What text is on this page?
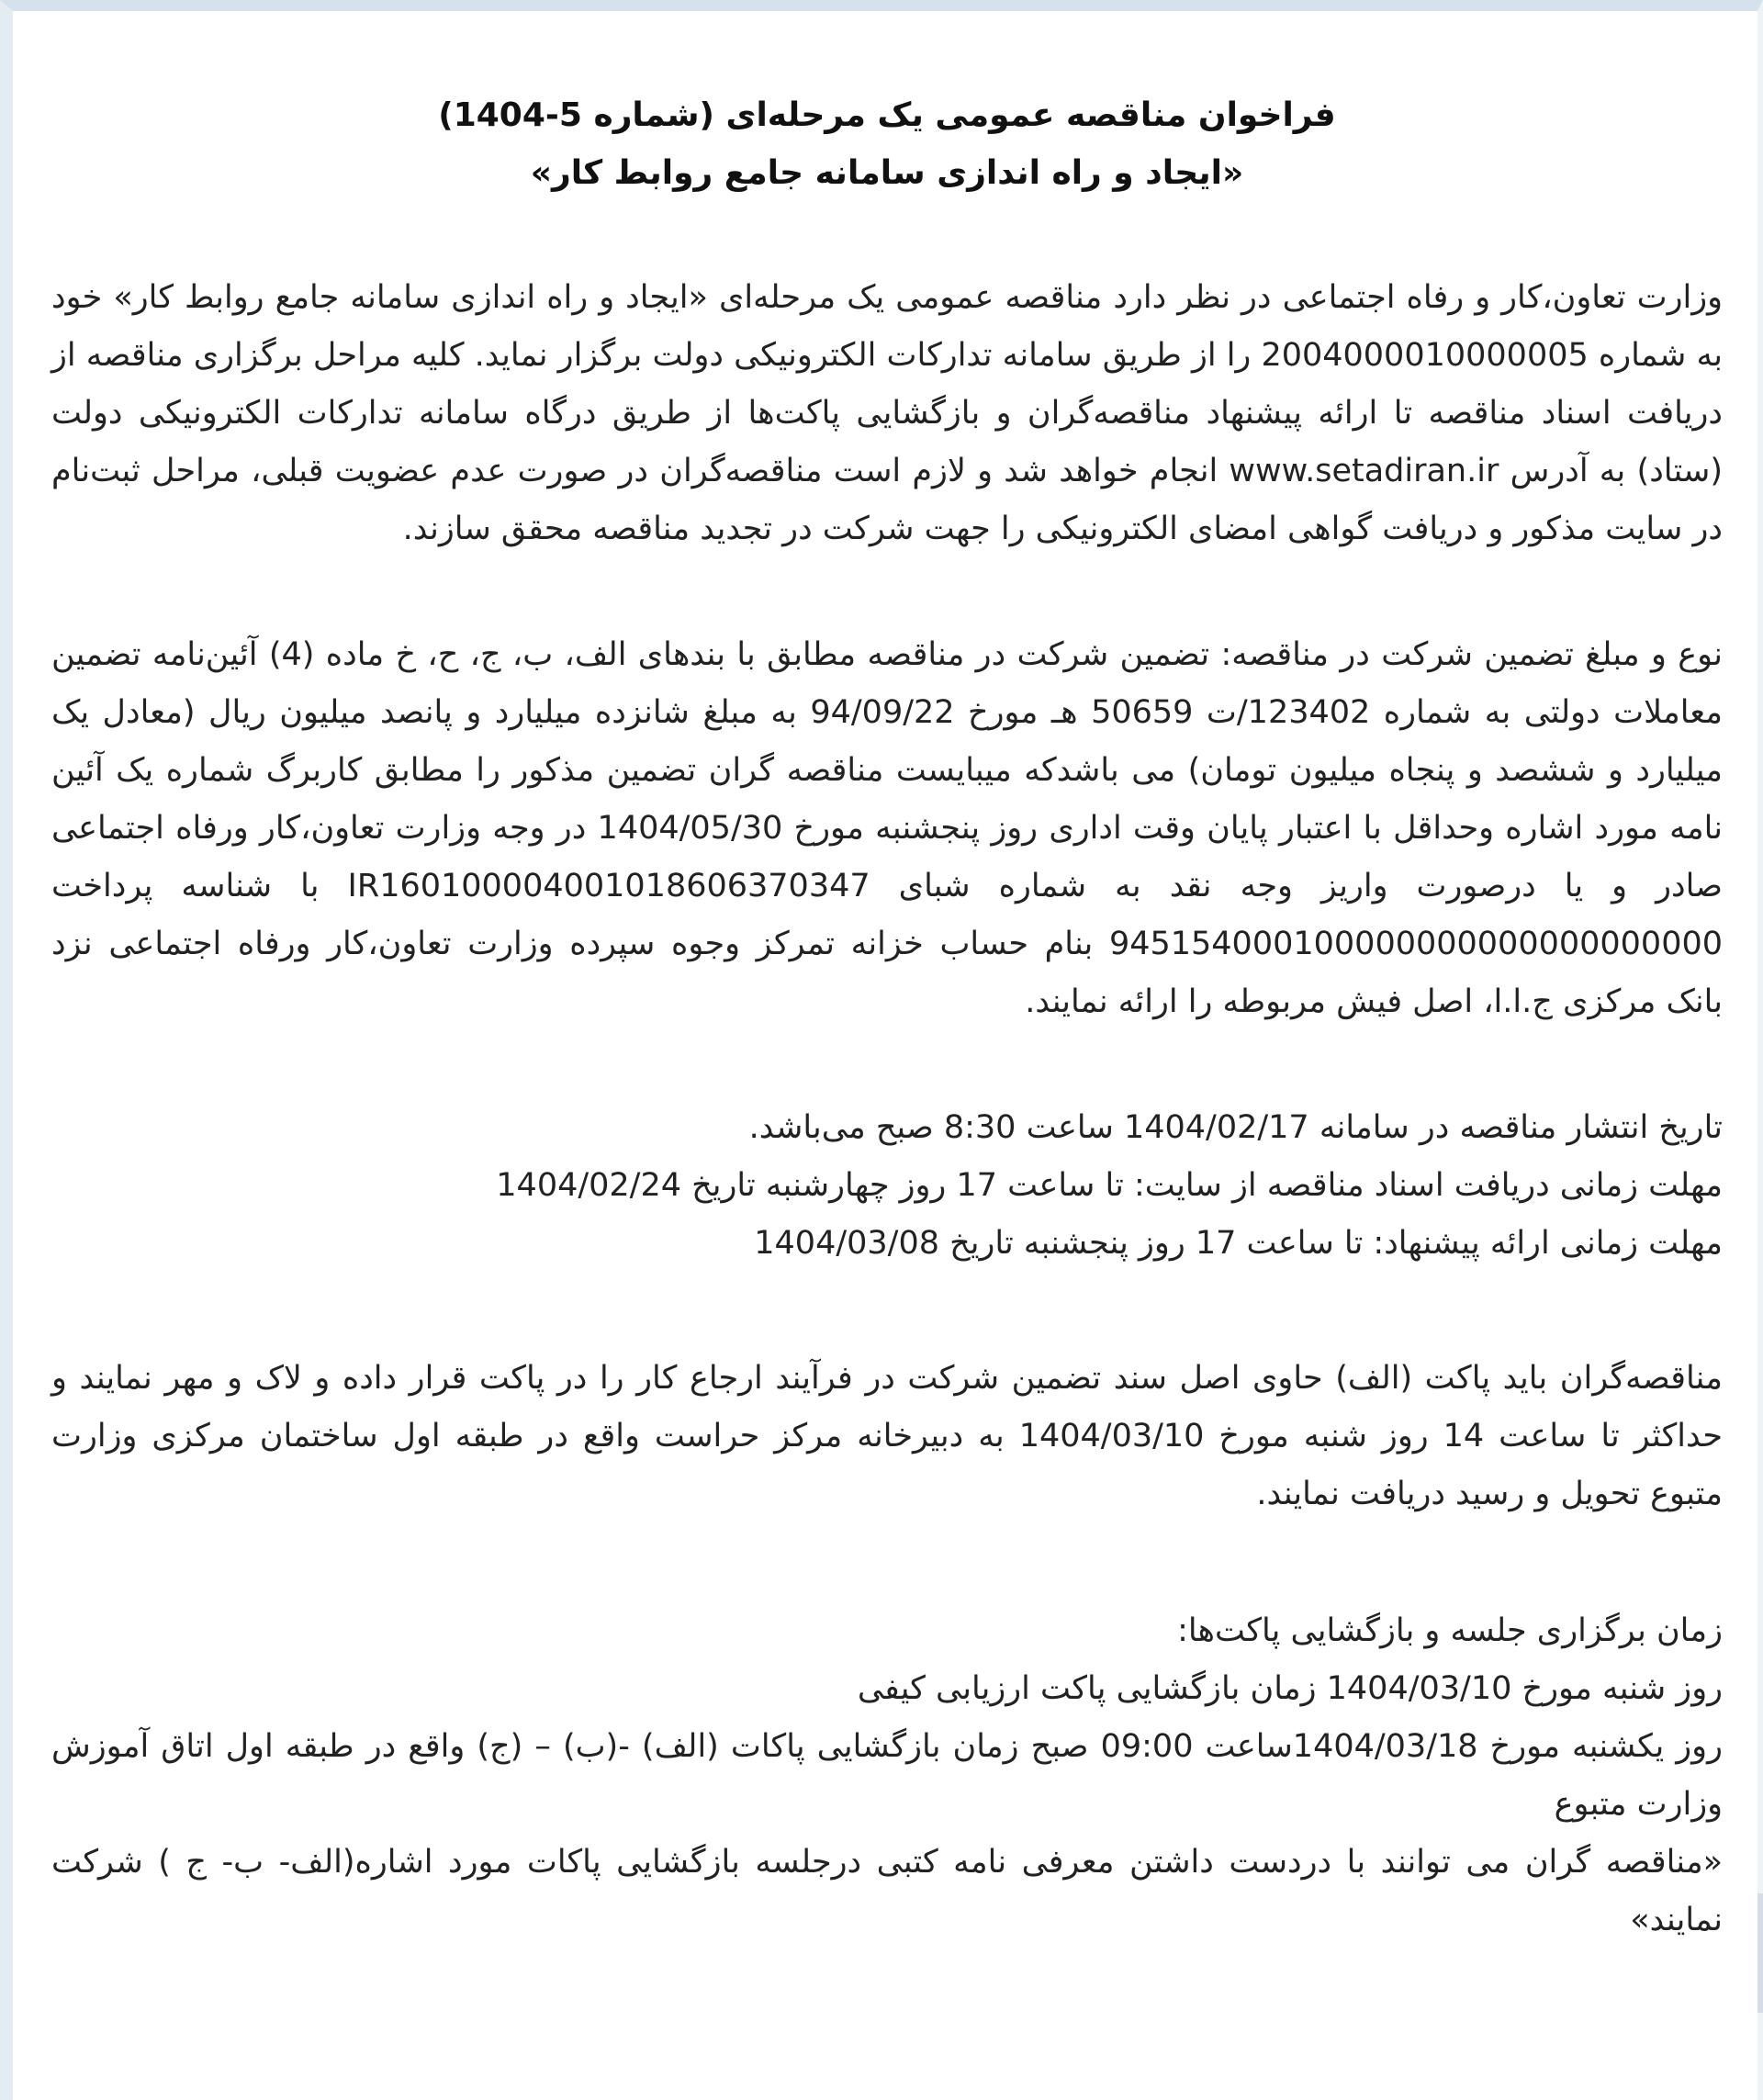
فراخوان مناقصه عمومی یک مرحله‌ای (شماره 5-1404)
«ایجاد و راه اندازی سامانه جامع روابط کار»

وزارت تعاون،کار و رفاه اجتماعی در نظر دارد مناقصه عمومی یک مرحله‌ای «ایجاد و راه اندازی سامانه جامع روابط کار» خود به شماره 2004000010000005 را از طریق سامانه تدارکات الکترونیکی دولت برگزار نماید. کلیه مراحل برگزاری مناقصه از دریافت اسناد مناقصه تا ارائه پیشنهاد مناقصه‌گران و بازگشایی پاکت‌ها از طریق درگاه سامانه تدارکات الکترونیکی دولت (ستاد) به آدرس www.setadiran.ir انجام خواهد شد و لازم است مناقصه‌گران در صورت عدم عضویت قبلی، مراحل ثبت‌نام در سایت مذکور و دریافت گواهی امضای الکترونیکی را جهت شرکت در تجدید مناقصه محقق سازند.

نوع و مبلغ تضمین شرکت در مناقصه: تضمین شرکت در مناقصه مطابق با بندهای الف، ب، ج، ح، خ ماده (4) آئین‌نامه تضمین معاملات دولتی به شماره 123402/ت 50659 هـ مورخ 94/09/22 به مبلغ شانزده میلیارد و پانصد میلیون ریال (معادل یک میلیارد و ششصد و پنجاه میلیون تومان) می باشدکه میبایست مناقصه گران تضمین مذکور را مطابق کاربرگ شماره یک آئین نامه مورد اشاره وحداقل با اعتبار پایان وقت اداری روز پنجشنبه مورخ 1404/05/30 در وجه وزارت تعاون،کار ورفاه اجتماعی صادر و یا درصورت واریز وجه نقد به شماره شبای IR160100004001018606370347 با شناسه پرداخت 945154000100000000000000000000 بنام حساب خزانه تمرکز وجوه سپرده وزارت تعاون،کار ورفاه اجتماعی نزد بانک مرکزی ج.ا.ا، اصل فیش مربوطه را ارائه نمایند.

تاریخ انتشار مناقصه در سامانه 1404/02/17 ساعت 8:30 صبح می‌باشد.
مهلت زمانی دریافت اسناد مناقصه از سایت: تا ساعت 17 روز چهارشنبه تاریخ 1404/02/24
مهلت زمانی ارائه پیشنهاد: تا ساعت 17 روز پنجشنبه تاریخ 1404/03/08

مناقصه‌گران باید پاکت (الف) حاوی اصل سند تضمین شرکت در فرآیند ارجاع کار را در پاکت قرار داده و لاک و مهر نمایند و حداکثر تا ساعت 14 روز شنبه مورخ 1404/03/10 به دبیرخانه مرکز حراست واقع در طبقه اول ساختمان مرکزی وزارت متبوع تحویل و رسید دریافت نمایند.

زمان برگزاری جلسه و بازگشایی پاکت‌ها:
روز شنبه مورخ 1404/03/10 زمان بازگشایی پاکت ارزیابی کیفی
روز یکشنبه مورخ 1404/03/18ساعت 09:00 صبح زمان بازگشایی پاکات (الف) -(ب) – (ج) واقع در طبقه اول اتاق آموزش وزارت متبوع
«مناقصه گران می توانند با دردست داشتن معرفی نامه کتبی درجلسه بازگشایی پاکات مورد اشاره(الف- ب- ج ) شرکت نمایند»
